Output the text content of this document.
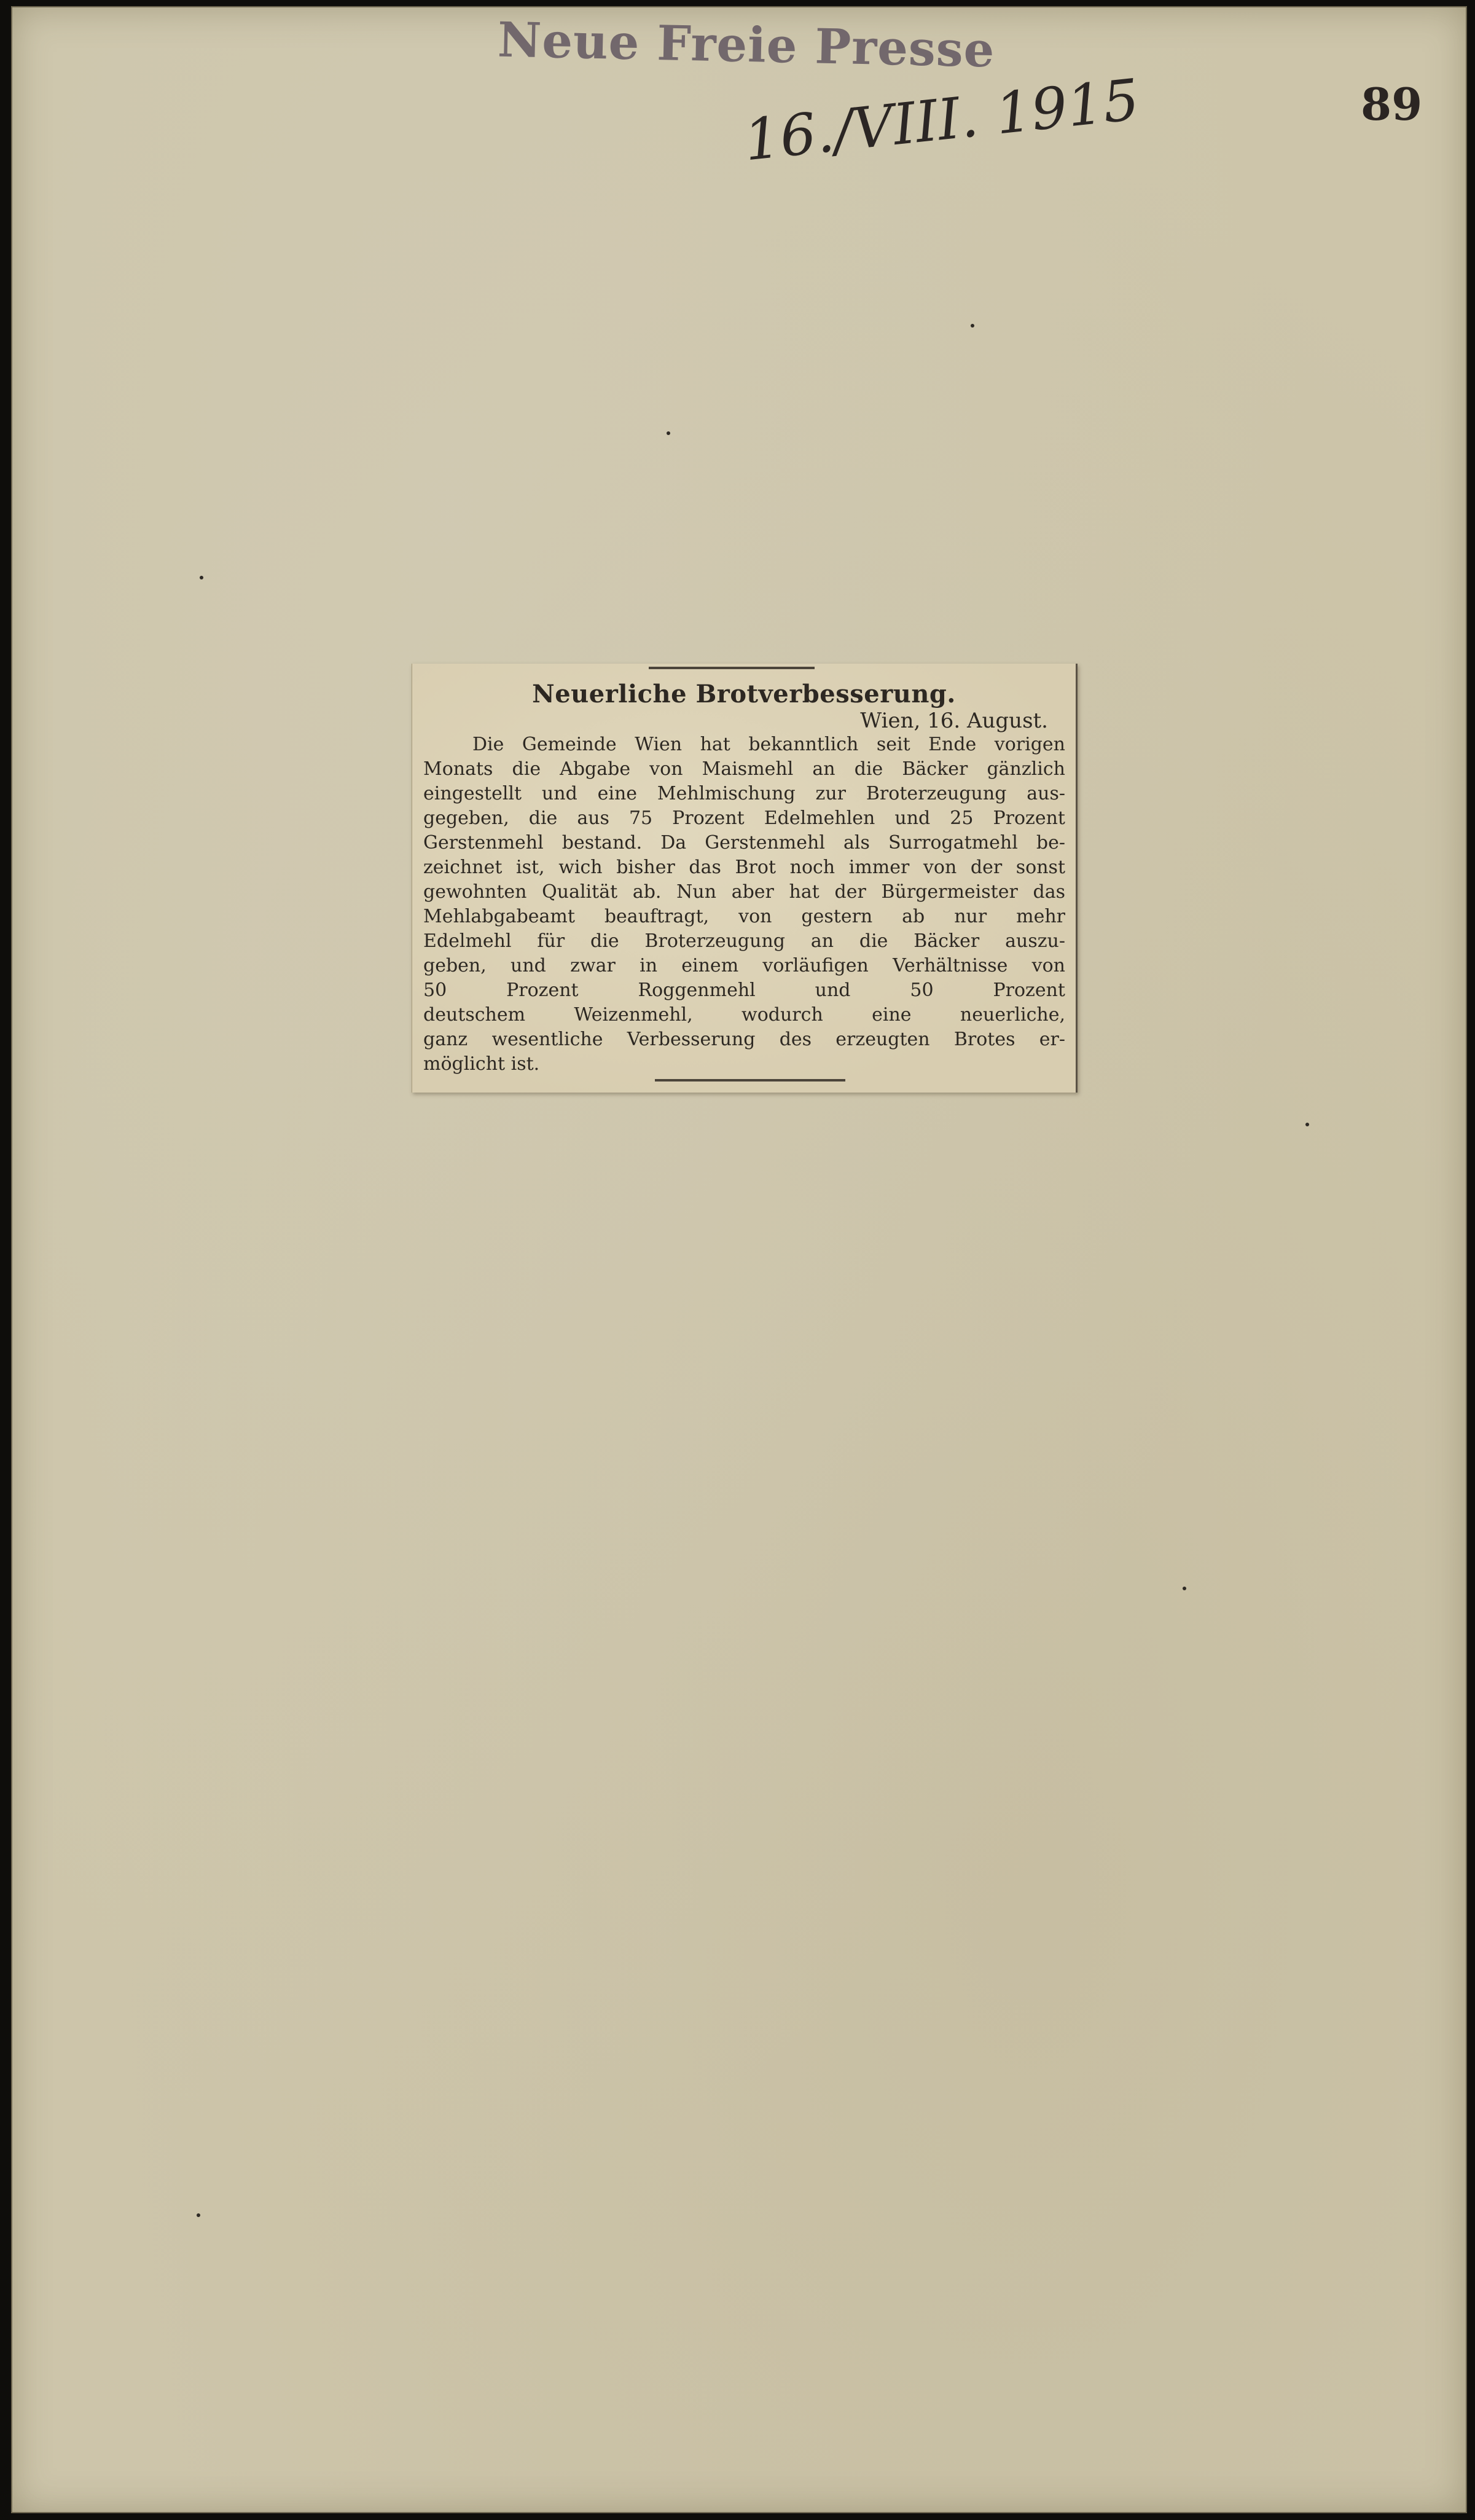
Neue Freie Presse
16./VIII. 1915	89
Neuerliche Brotverbesserung.
Wien, 16. August.
Die Gemeinde Wien hat bekanntlich seit Ende vorigen
Monats die Abgabe von Maismehl an die Bäcker gänzlich
eingestellt und eine Mehlmischung zur Broterzeugung aus-
gegeben, die aus 75 Prozent Edelmehlen und 25 Prozent
Gerstenmehl bestand. Da Gerstenmehl als Surrogatmehl be-
zeichnet ist, wich bisher das Brot noch immer von der sonst
gewohnten Qualität ab. Nun aber hat der Bürgermeister das
Mehlabgabeamt beauftragt, von gestern ab nur mehr
Edelmehl für die Broterzeugung an die Bäcker auszu-
geben, und zwar in einem vorläufigen Verhältnisse von
50 Prozent Roggenmehl und 50 Prozent
deutschem Weizenmehl, wodurch eine neuerliche,
ganz wesentliche Verbesserung des erzeugten Brotes er-
möglicht ist.
